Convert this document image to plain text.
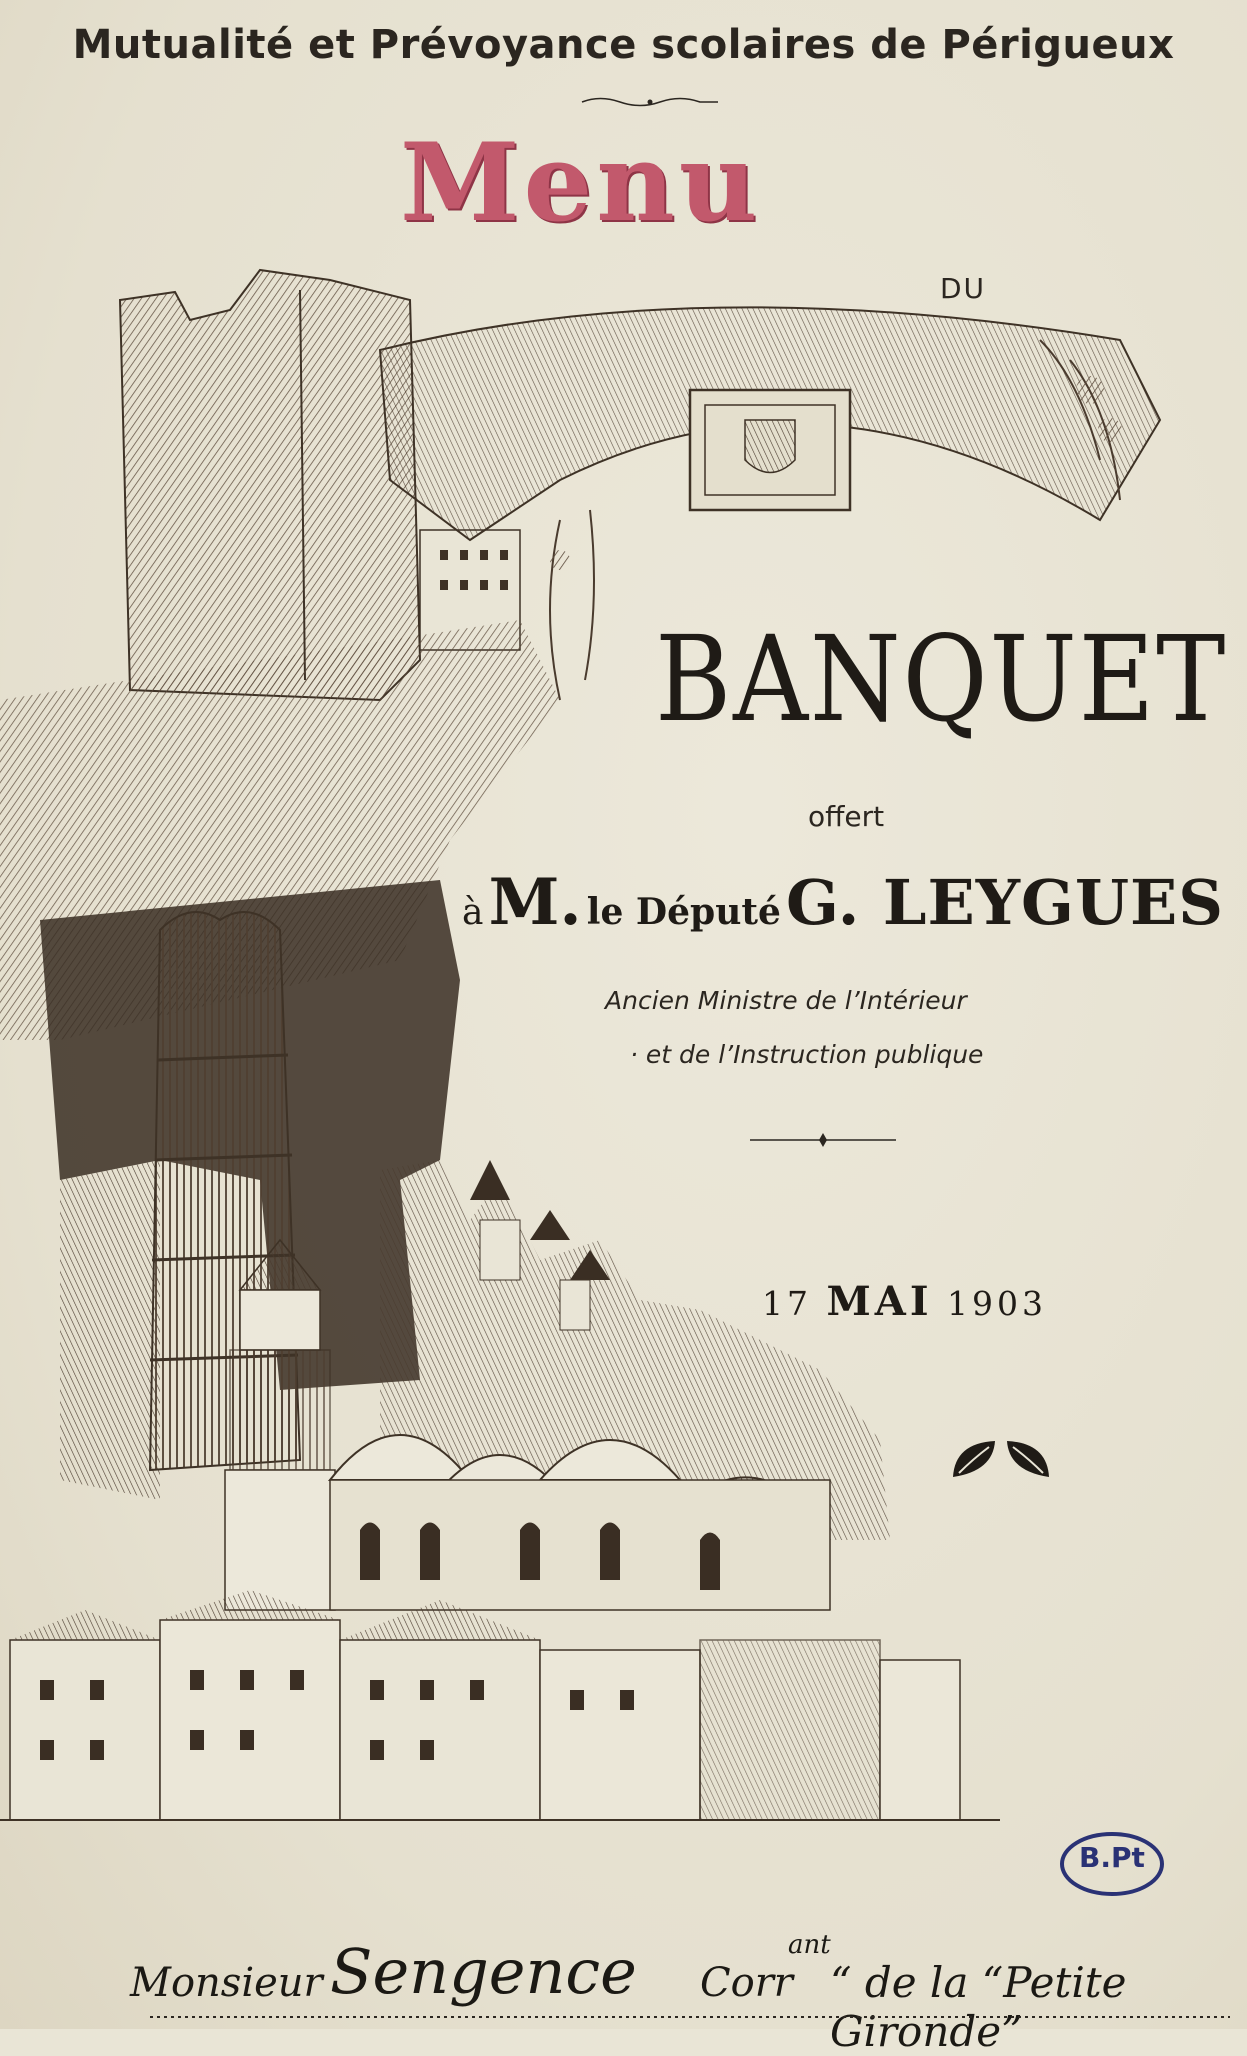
Mutualité et Prévoyance scolaires de Périgueux
Menu
DU
BANQUET
offert
à M. le Député G. LEYGUES
Ancien Ministre de l’Intérieur
· et de l’Instruction publique
17 MAI 1903
B.Pt
Monsieur Sengence Corr
ant
“ de la “Petite Gironde”
